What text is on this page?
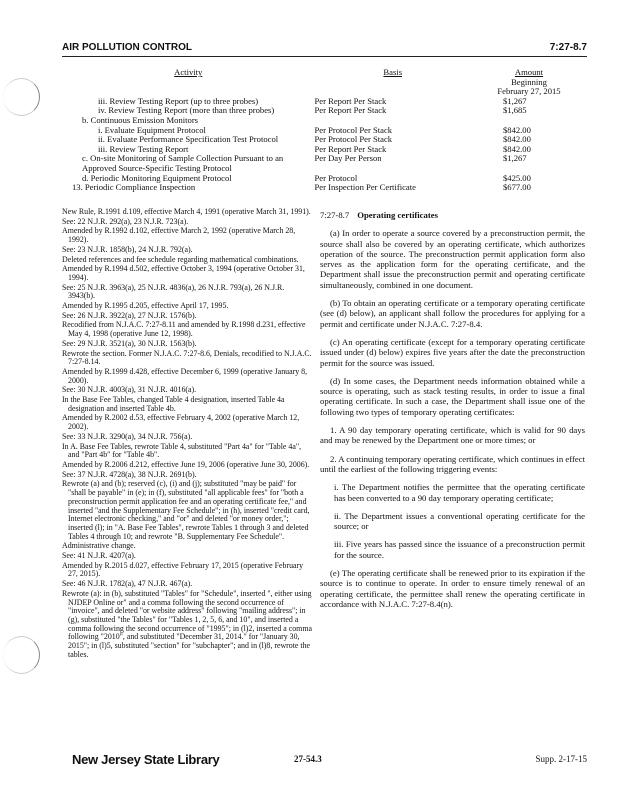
AIR POLLUTION CONTROL	7:27-8.7
Activity	Basis	Amount
		Beginning
		February 27, 2015
iii. Review Testing Report (up to three probes)	Per Report Per Stack	$1,267
iv. Review Testing Report (more than three probes)	Per Report Per Stack	$1,685
b. Continuous Emission Monitors		
i. Evaluate Equipment Protocol	Per Protocol Per Stack	$842.00
ii. Evaluate Performance Specification Test Protocol	Per Protocol Per Stack	$842.00
iii. Review Testing Report	Per Report Per Stack	$842.00
c. On-site Monitoring of Sample Collection Pursuant to an	Per Day Per Person	$1,267
Approved Source-Specific Testing Protocol		
d. Periodic Monitoring Equipment Protocol	Per Protocol	$425.00
13. Periodic Compliance Inspection	Per Inspection Per Certificate	$677.00

New Rule, R.1991 d.109, effective March 4, 1991 (operative March 31, 1991).

See: 22 N.J.R. 292(a), 23 N.J.R. 723(a).

Amended by R.1992 d.102, effective March 2, 1992 (operative March 28, 1992).

See: 23 N.J.R. 1858(b), 24 N.J.R. 792(a).

Deleted references and fee schedule regarding mathematical combinations.

Amended by R.1994 d.502, effective October 3, 1994 (operative October 31, 1994).

See: 25 N.J.R. 3963(a), 25 N.J.R. 4836(a), 26 N.J.R. 793(a), 26 N.J.R. 3943(b).

Amended by R.1995 d.205, effective April 17, 1995.

See: 26 N.J.R. 3922(a), 27 N.J.R. 1576(b).

Recodified from N.J.A.C. 7:27-8.11 and amended by R.1998 d.231, effective May 4, 1998 (operative June 12, 1998).

See: 29 N.J.R. 3521(a), 30 N.J.R. 1563(b).

Rewrote the section. Former N.J.A.C. 7:27-8.6, Denials, recodified to N.J.A.C. 7:27-8.14.

Amended by R.1999 d.428, effective December 6, 1999 (operative January 8, 2000).

See: 30 N.J.R. 4003(a), 31 N.J.R. 4016(a).

In the Base Fee Tables, changed Table 4 designation, inserted Table 4a designation and inserted Table 4b.

Amended by R.2002 d.53, effective February 4, 2002 (operative March 12, 2002).

See: 33 N.J.R. 3290(a), 34 N.J.R. 756(a).

In A. Base Fee Tables, rewrote Table 4, substituted "Part 4a" for "Table 4a", and "Part 4b" for "Table 4b".

Amended by R.2006 d.212, effective June 19, 2006 (operative June 30, 2006).

See: 37 N.J.R. 4728(a), 38 N.J.R. 2691(b).

Rewrote (a) and (b); reserved (c), (i) and (j); substituted "may be paid" for "shall be payable" in (e); in (f), substituted "all applicable fees" for "both a preconstruction permit application fee and an operating certificate fee," and inserted "and the Supplementary Fee Schedule"; in (h), inserted "credit card, Internet electronic checking," and "or" and deleted "or money order,"; inserted (l); in "A. Base Fee Tables", rewrote Tables 1 through 3 and deleted Tables 4 through 10; and rewrote "B. Supplementary Fee Schedule".

Administrative change.

See: 41 N.J.R. 4207(a).

Amended by R.2015 d.027, effective February 17, 2015 (operative February 27, 2015).

See: 46 N.J.R. 1782(a), 47 N.J.R. 467(a).

Rewrote (a): in (b), substituted "Tables" for "Schedule", inserted ", either using NJDEP Online or" and a comma following the second occurrence of "invoice", and deleted "or website address" following "mailing address"; in (g), substituted "the Tables" for "Tables 1, 2, 5, 6, and 10", and inserted a comma following the second occurrence of "1995"; in (l)2, inserted a comma following "2010", and substituted "December 31, 2014." for "January 30, 2015"; in (l)5, substituted "section" for "subchapter"; and in (l)8, rewrote the tables.

7:27-8.7 Operating certificates

(a) In order to operate a source covered by a preconstruction permit, the source shall also be covered by an operating certificate, which authorizes operation of the source. The preconstruction permit application form also serves as the application form for the operating certificate, and the Department shall issue the preconstruction permit and operating certificate simultaneously, combined in one document.

(b) To obtain an operating certificate or a temporary operating certificate (see (d) below), an applicant shall follow the procedures for applying for a permit and certificate under N.J.A.C. 7:27-8.4.

(c) An operating certificate (except for a temporary operating certificate issued under (d) below) expires five years after the date the preconstruction permit for the source was issued.

(d) In some cases, the Department needs information obtained while a source is operating, such as stack testing results, in order to issue a final operating certificate. In such a case, the Department shall issue one of the following two types of temporary operating certificates:

1. A 90 day temporary operating certificate, which is valid for 90 days and may be renewed by the Department one or more times; or

2. A continuing temporary operating certificate, which continues in effect until the earliest of the following triggering events:

i. The Department notifies the permittee that the operating certificate has been converted to a 90 day temporary operating certificate;

ii. The Department issues a conventional operating certificate for the source; or

iii. Five years has passed since the issuance of a preconstruction permit for the source.

(e) The operating certificate shall be renewed prior to its expiration if the source is to continue to operate. In order to ensure timely renewal of an operating certificate, the permittee shall renew the operating certificate in accordance with N.J.A.C. 7:27-8.4(n).

New Jersey State Library	27-54.3	Supp. 2-17-15
